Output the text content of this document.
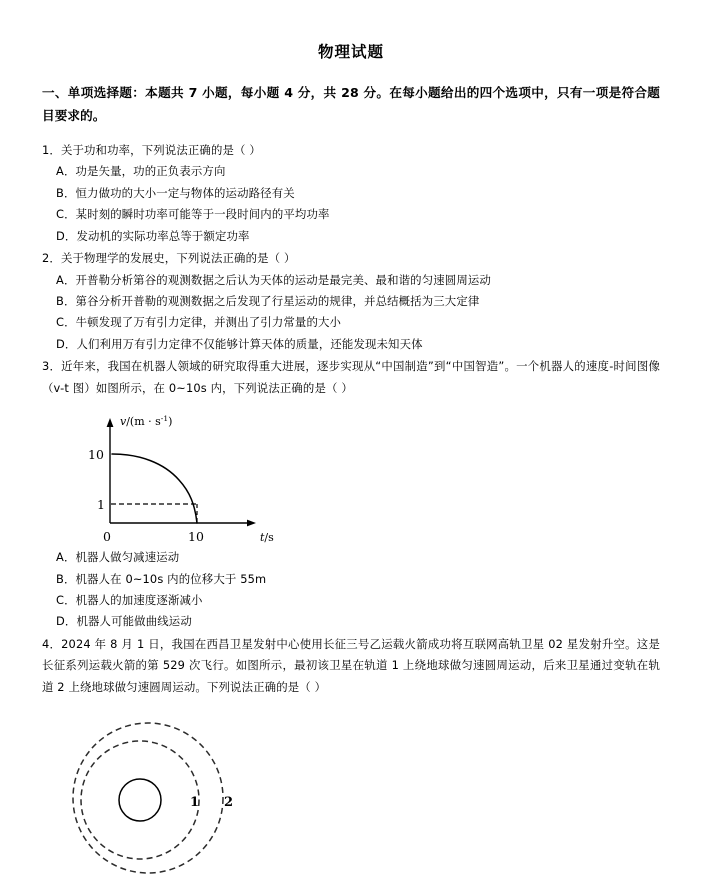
物理试题

一、单项选择题：本题共 7 小题，每小题 4 分，共 28 分。在每小题给出的四个选项中，只有一项是符合题目要求的。

1．关于功和功率，下列说法正确的是（ ）

A．功是矢量，功的正负表示方向

B．恒力做功的大小一定与物体的运动路径有关

C．某时刻的瞬时功率可能等于一段时间内的平均功率

D．发动机的实际功率总等于额定功率

2．关于物理学的发展史，下列说法正确的是（ ）

A．开普勒分析第谷的观测数据之后认为天体的运动是最完美、最和谐的匀速圆周运动

B．第谷分析开普勒的观测数据之后发现了行星运动的规律，并总结概括为三大定律

C．牛顿发现了万有引力定律，并测出了引力常量的大小

D．人们利用万有引力定律不仅能够计算天体的质量，还能发现未知天体

3．近年来，我国在机器人领域的研究取得重大进展，逐步实现从“中国制造”到“中国智造”。一个机器人的速度-时间图像（v-t 图）如图所示，在 0~10s 内，下列说法正确的是（ ）

$v/(m \cdot s^{-1})$
10
1
0	10	t/s

A．机器人做匀减速运动

B．机器人在 0~10s 内的位移大于 55m

C．机器人的加速度逐渐减小

D．机器人可能做曲线运动

4．2024 年 8 月 1 日，我国在西昌卫星发射中心使用长征三号乙运载火箭成功将互联网高轨卫星 02 星发射升空。这是长征系列运载火箭的第 529 次飞行。如图所示，最初该卫星在轨道 1 上绕地球做匀速圆周运动，后来卫星通过变轨在轨道 2 上绕地球做匀速圆周运动。下列说法正确的是（ ）

1 2
